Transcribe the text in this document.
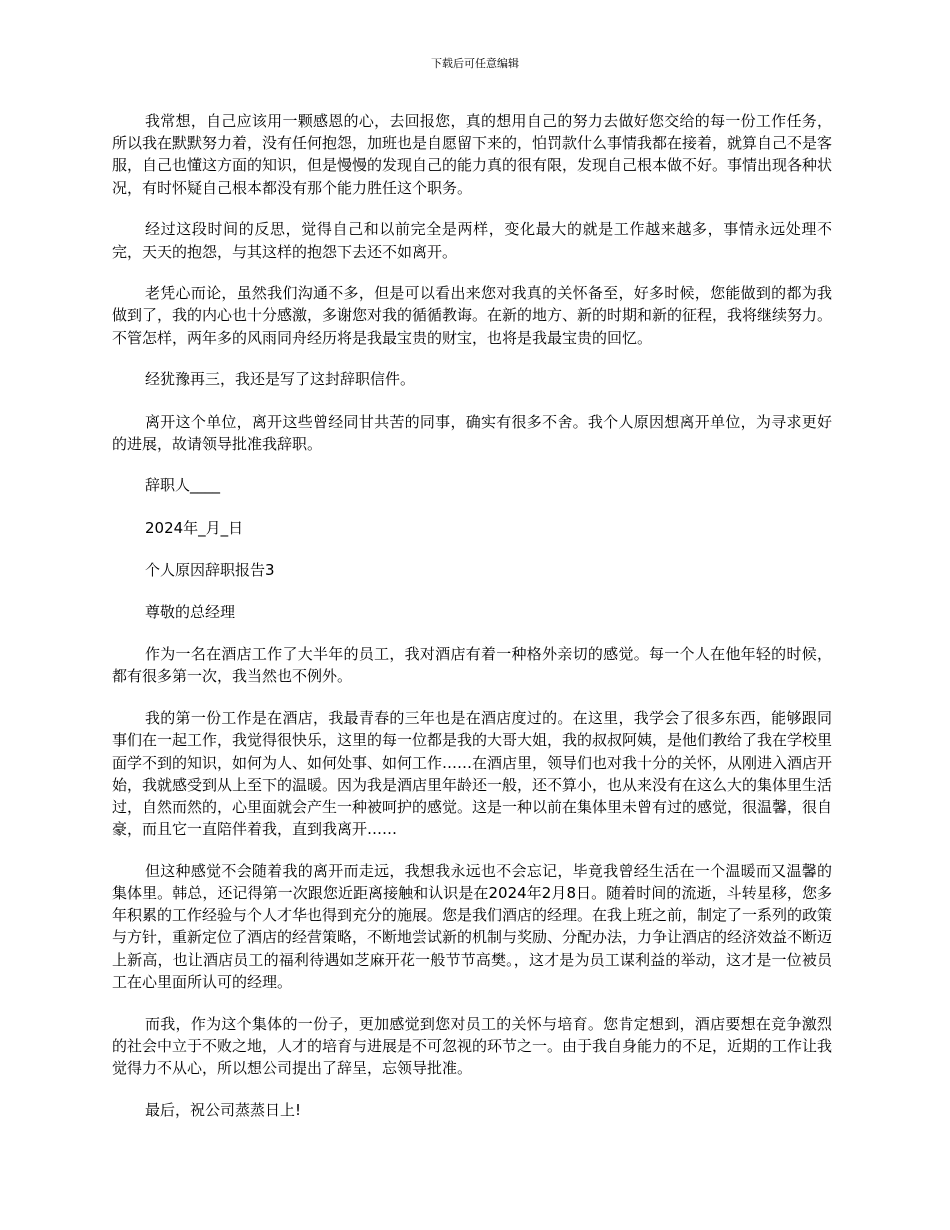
下载后可任意编辑

我常想，自己应该用一颗感恩的心，去回报您，真的想用自己的努力去做好您交给的每一份工作任务，所以我在默默努力着，没有任何抱怨，加班也是自愿留下来的，怕罚款什么事情我都在接着，就算自己不是客服，自己也懂这方面的知识，但是慢慢的发现自己的能力真的很有限，发现自己根本做不好。事情出现各种状况，有时怀疑自己根本都没有那个能力胜任这个职务。

经过这段时间的反思，觉得自己和以前完全是两样，变化最大的就是工作越来越多，事情永远处理不完，天天的抱怨，与其这样的抱怨下去还不如离开。

老凭心而论，虽然我们沟通不多，但是可以看出来您对我真的关怀备至，好多时候，您能做到的都为我做到了，我的内心也十分感激，多谢您对我的循循教诲。在新的地方、新的时期和新的征程，我将继续努力。不管怎样，两年多的风雨同舟经历将是我最宝贵的财宝，也将是我最宝贵的回忆。

经犹豫再三，我还是写了这封辞职信件。

离开这个单位，离开这些曾经同甘共苦的同事，确实有很多不舍。我个人原因想离开单位，为寻求更好的进展，故请领导批准我辞职。

辞职人____

2024年_月_日

个人原因辞职报告3

尊敬的总经理

作为一名在酒店工作了大半年的员工，我对酒店有着一种格外亲切的感觉。每一个人在他年轻的时候，都有很多第一次，我当然也不例外。

我的第一份工作是在酒店，我最青春的三年也是在酒店度过的。在这里，我学会了很多东西，能够跟同事们在一起工作，我觉得很快乐，这里的每一位都是我的大哥大姐，我的叔叔阿姨，是他们教给了我在学校里面学不到的知识，如何为人、如何处事、如何工作……在酒店里，领导们也对我十分的关怀，从刚进入酒店开始，我就感受到从上至下的温暖。因为我是酒店里年龄还一般，还不算小，也从来没有在这么大的集体里生活过，自然而然的，心里面就会产生一种被呵护的感觉。这是一种以前在集体里未曾有过的感觉，很温馨，很自豪，而且它一直陪伴着我，直到我离开……

但这种感觉不会随着我的离开而走远，我想我永远也不会忘记，毕竟我曾经生活在一个温暖而又温馨的集体里。韩总，还记得第一次跟您近距离接触和认识是在2024年2月8日。随着时间的流逝，斗转星移，您多年积累的工作经验与个人才华也得到充分的施展。您是我们酒店的经理。在我上班之前，制定了一系列的政策与方针，重新定位了酒店的经营策略，不断地尝试新的机制与奖励、分配办法，力争让酒店的经济效益不断迈上新高，也让酒店员工的福利待遇如芝麻开花一般节节高樊。，这才是为员工谋利益的举动，这才是一位被员工在心里面所认可的经理。

而我，作为这个集体的一份子，更加感觉到您对员工的关怀与培育。您肯定想到，酒店要想在竞争激烈的社会中立于不败之地，人才的培育与进展是不可忽视的环节之一。由于我自身能力的不足，近期的工作让我觉得力不从心，所以想公司提出了辞呈，忘领导批准。

最后，祝公司蒸蒸日上!
